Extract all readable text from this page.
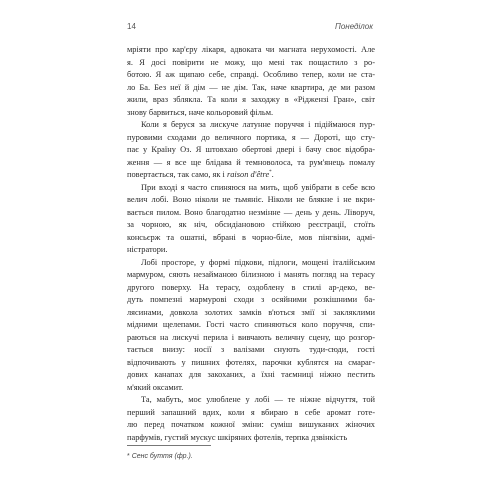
14	Понеділок
мріяти про кар'єру лікаря, адвоката чи магната нерухомості. Але
я. Я досі повірити не можу, що мені так пощастило з ро-
ботою. Я аж щипаю себе, справді. Особливо тепер, коли не ста-
ло Ба. Без неї й дім — не дім. Так, наче квартира, де ми разом
жили, враз збляклa. Та коли я заходжу в «Ріджензі Гран», світ
знову барвиться, наче кольоровий фільм.
Коли я беруся за лискуче латунне поруччя і підіймаюся пур-
пуровими сходами до величного портика, я — Дороті, що сту-
пає у Країну Оз. Я штовхаю обертові двері і бачу своє відобра-
ження — я все ще блідава й темноволоса, та рум'янець помалу
повертається, так само, як і raison d'être*.
При вході я часто спиняюся на мить, щоб увібрати в себе всю
велич лобі. Воно ніколи не тьмяніє. Ніколи не блякне і не вкри-
вається пилом. Воно благодатно незмінне — день у день. Ліворуч,
за чорною, як ніч, обсидіановою стійкою реєстрації, стоїть
консьєрж та ошатні, вбрані в чорно-біле, мов пінгвіни, адмі-
ністратори.
Лобі просторе, у формі підкови, підлоги, мощені італійським
мармуром, сяють незайманою білизною і манять погляд на терасу
другого поверху. На терасу, оздоблену в стилі ар-деко, ве-
дуть помпезні мармурові сходи з осяйними розкішними ба-
лясинами, довкола золотих замків в'ються змії зі закляклими
мідними щелепами. Гості часто спиняються коло поруччя, спи-
раються на лискучі перила і вивчають величну сцену, що розгор-
тається внизу: носії з валізами снують туди-сюди, гості
відпочивають у пишних фотелях, парочки кублятся на смараг-
дових канапах для закоханих, а їхні таємниці ніжно пестить
м'який оксамит.
Та, мабуть, моє улюблене у лобі — те ніжне відчуття, той
перший запашний вдих, коли я вбираю в себе аромат готе-
лю перед початком кожної зміни: суміш вишуканих жіночих
парфумів, густий мускус шкіряних фотелів, терпка дзвінкість
* Сенс буття (фр.).
